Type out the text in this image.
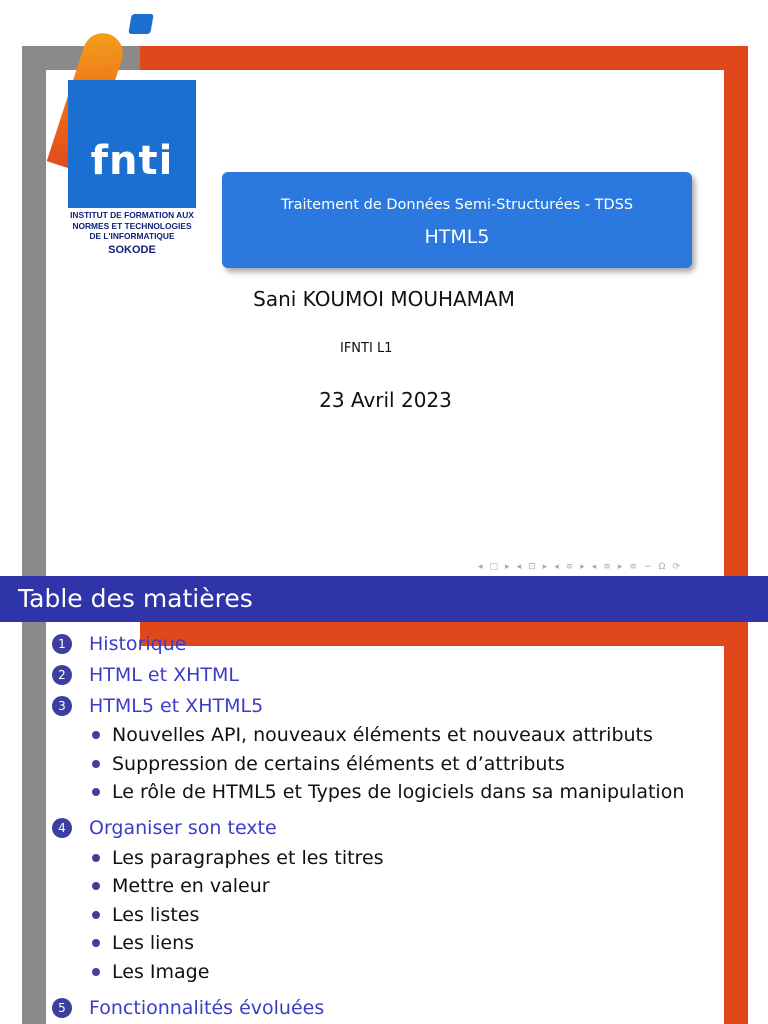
fnti
INSTITUT DE FORMATION AUX
NORMES ET TECHNOLOGIES
DE L'INFORMATIQUE
SOKODE
Traitement de Données Semi-Structurées - TDSS
HTML5
Sani KOUMOI MOUHAMAM
IFNTI L1
23 Avril 2023
◂ □ ▸ ◂ ⊡ ▸ ◂ ≡ ▸ ◂ ≡ ▸ ≡ ∽ Ω ⟳
Table des matières
1	Historique
2	HTML et XHTML
3	HTML5 et XHTML5
Nouvelles API, nouveaux éléments et nouveaux attributs
Suppression de certains éléments et d’attributs
Le rôle de HTML5 et Types de logiciels dans sa manipulation
4	Organiser son texte
Les paragraphes et les titres
Mettre en valeur
Les listes
Les liens
Les Image
5	Fonctionnalités évoluées
